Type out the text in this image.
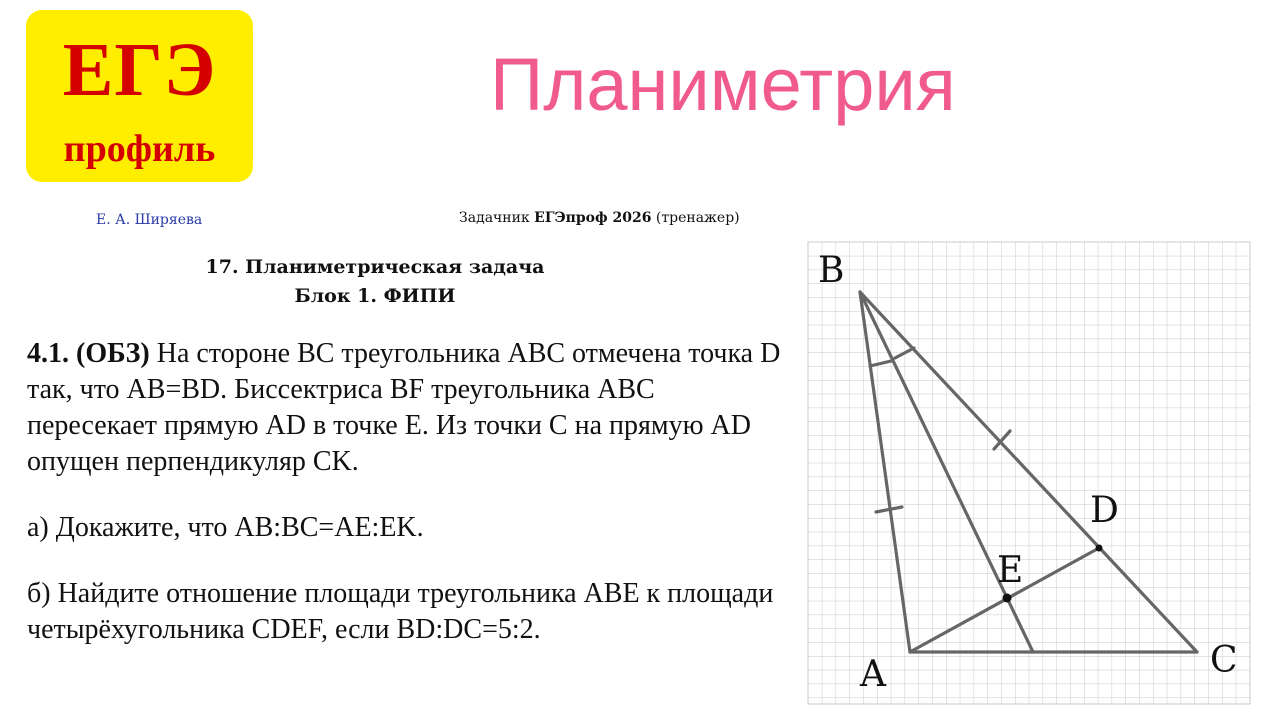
ЕГЭ
профиль
Планиметрия
Е. А. Ширяева	Задачник ЕГЭпроф 2026 (тренажер)
17. Планиметрическая задача
Блок 1. ФИПИ

4.1. (ОБЗ) На стороне BC треугольника ABC отмечена точка D так, что AB=BD. Биссектриса BF треугольника ABC пересекает прямую AD в точке E. Из точки C на прямую AD опущен перпендикуляр CK.

а) Докажите, что AB:BC=AE:EK.

б) Найдите отношение площади треугольника ABE к площади четырёхугольника CDEF, если BD:DC=5:2.

B
A	C
D
E
